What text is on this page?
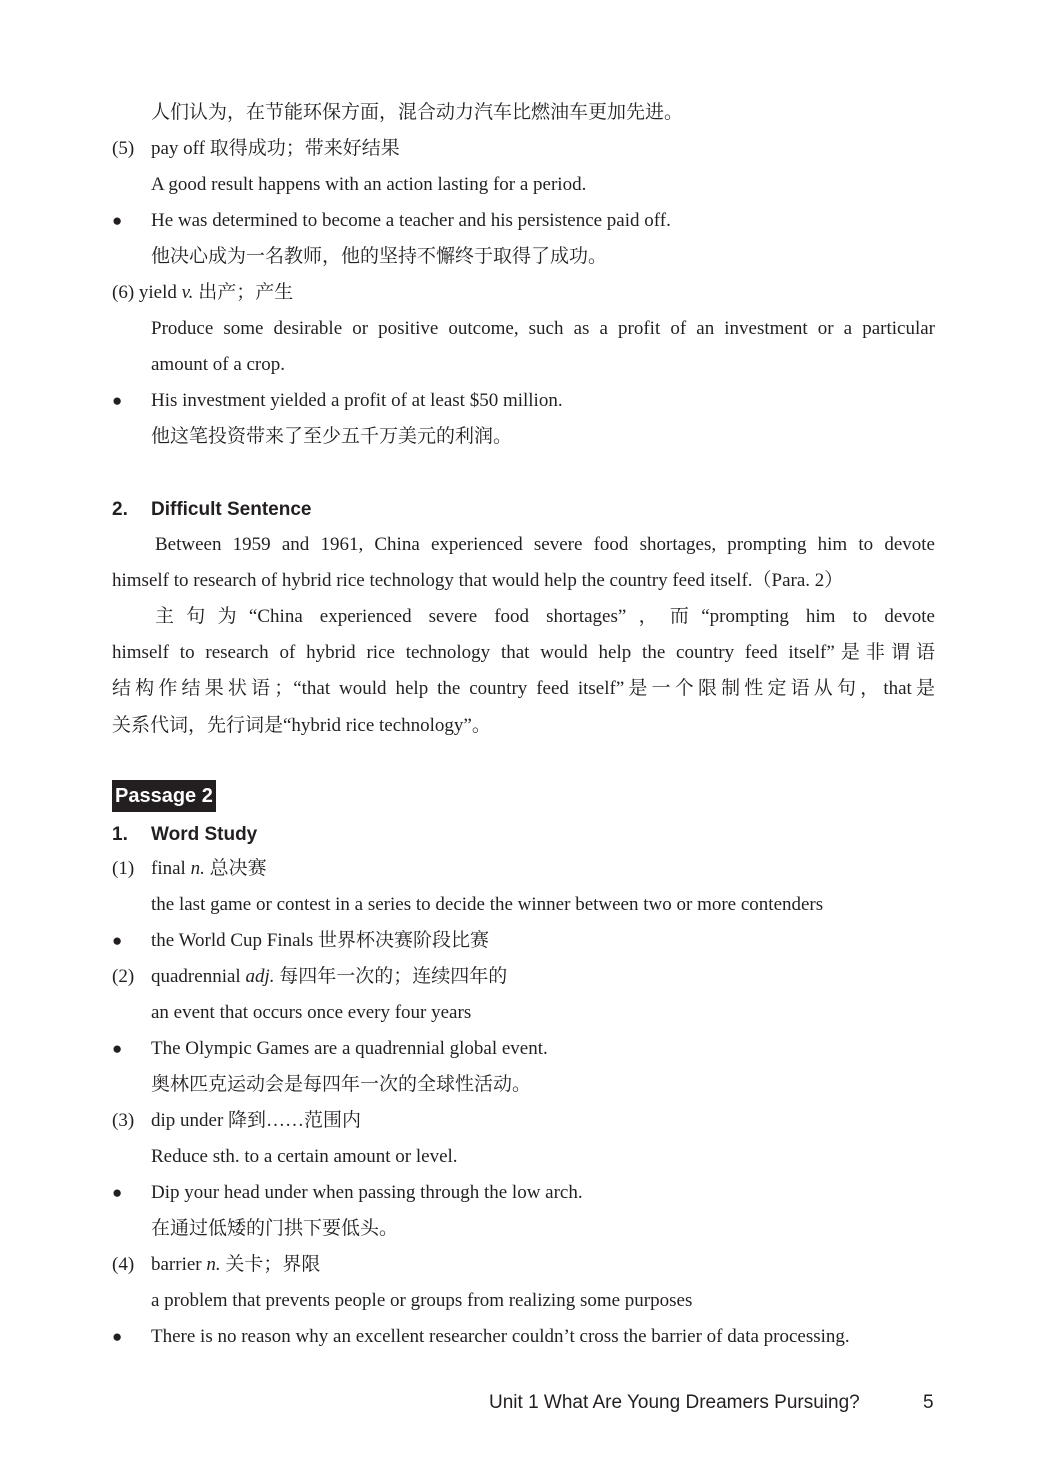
人们认为，在节能环保方面，混合动力汽车比燃油车更加先进。
(5) pay off 取得成功；带来好结果
A good result happens with an action lasting for a period.
● He was determined to become a teacher and his persistence paid off.
他决心成为一名教师，他的坚持不懈终于取得了成功。
(6) yield v. 出产；产生
Produce some desirable or positive outcome, such as a profit of an investment or a particular
amount of a crop.
● His investment yielded a profit of at least $50 million.
他这笔投资带来了至少五千万美元的利润。
2. Difficult Sentence
Between 1959 and 1961, China experienced severe food shortages, prompting him to devote
himself to research of hybrid rice technology that would help the country feed itself.（Para. 2）
主句为“China experienced severe food shortages”，而“prompting him to devote
himself to research of hybrid rice technology that would help the country feed itself”是非谓语
结构作结果状语；“that would help the country feed itself”是一个限制性定语从句，that是
关系代词，先行词是“hybrid rice technology”。
Passage 2
1. Word Study
(1) final n. 总决赛
the last game or contest in a series to decide the winner between two or more contenders
● the World Cup Finals 世界杯决赛阶段比赛
(2) quadrennial adj. 每四年一次的；连续四年的
an event that occurs once every four years
● The Olympic Games are a quadrennial global event.
奥林匹克运动会是每四年一次的全球性活动。
(3) dip under 降到……范围内
Reduce sth. to a certain amount or level.
● Dip your head under when passing through the low arch.
在通过低矮的门拱下要低头。
(4) barrier n. 关卡；界限
a problem that prevents people or groups from realizing some purposes
● There is no reason why an excellent researcher couldn’t cross the barrier of data processing.
Unit 1 What Are Young Dreamers Pursuing?	5
